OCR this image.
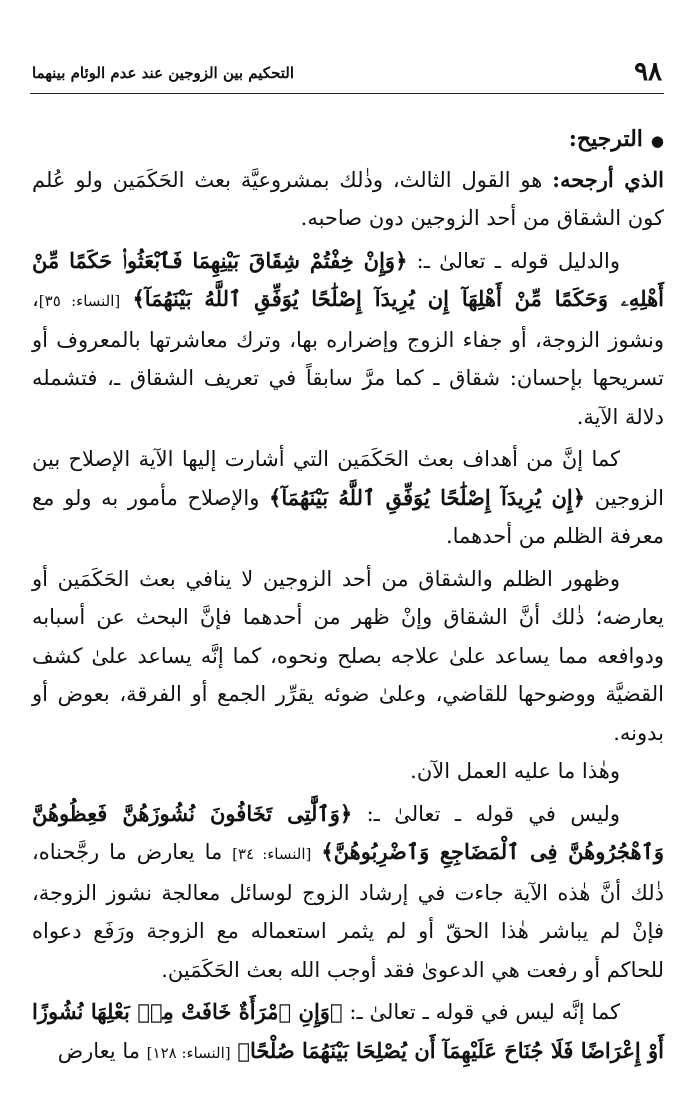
٩٨
التحكيم بين الزوجين عند عدم الوئام بينهما

●الترجيح:

الذي أرجحه: هو القول الثالث، وذٰلك بمشروعيَّة بعث الحَكَمَين ولو عُلم كون الشقاق من أحد الزوجين دون صاحبه.

والدليل قوله ـ تعالىٰ ـ: ﴿وَإِنْ خِفْتُمْ شِقَاقَ بَيْنِهِمَا فَٱبْعَثُوا۟ حَكَمًا مِّنْ أَهْلِهِۦ وَحَكَمًا مِّنْ أَهْلِهَآ إِن يُرِيدَآ إِصْلَٰحًا يُوَفِّقِ ٱللَّهُ بَيْنَهُمَآ﴾ [النساء: ٣٥]، ونشوز الزوجة، أو جفاء الزوج وإضراره بها، وترك معاشرتها بالمعروف أو تسريحها بإحسان: شقاق ـ كما مرَّ سابقاً في تعريف الشقاق ـ، فتشمله دلالة الآية.

كما إنَّ من أهداف بعث الحَكَمَين التي أشارت إليها الآية الإصلاح بين الزوجين ﴿إِن يُرِيدَآ إِصْلَٰحًا يُوَفِّقِ ٱللَّهُ بَيْنَهُمَآ﴾ والإصلاح مأمور به ولو مع معرفة الظلم من أحدهما.

وظهور الظلم والشقاق من أحد الزوجين لا ينافي بعث الحَكَمَين أو يعارضه؛ ذٰلك أنَّ الشقاق وإنْ ظهر من أحدهما فإنَّ البحث عن أسبابه ودوافعه مما يساعد علىٰ علاجه بصلح ونحوه، كما إنَّه يساعد علىٰ كشف القضيَّة ووضوحها للقاضي، وعلىٰ ضوئه يقرِّر الجمع أو الفرقة، بعوض أو بدونه.

وهٰذا ما عليه العمل الآن.

وليس في قوله ـ تعالىٰ ـ: ﴿وَٱلَّٰتِى تَخَافُونَ نُشُوزَهُنَّ فَعِظُوهُنَّ وَٱهْجُرُوهُنَّ فِى ٱلْمَضَاجِعِ وَٱضْرِبُوهُنَّ﴾ [النساء: ٣٤] ما يعارض ما رجَّحناه، ذٰلك أنَّ هٰذه الآية جاءت في إرشاد الزوج لوسائل معالجة نشوز الزوجة، فإنْ لم يباشر هٰذا الحقّ أو لم يثمر استعماله مع الزوجة ورَفَع دعواه للحاكم أو رفعت هي الدعوىٰ فقد أوجب الله بعث الحَكَمَين.

كما إنَّه ليس في قوله ـ تعالىٰ ـ: ﴿وَإِنِ ٱمْرَأَةٌ خَافَتْ مِنۢ بَعْلِهَا نُشُوزًا أَوْ إِعْرَاضًا فَلَا جُنَاحَ عَلَيْهِمَآ أَن يُصْلِحَا بَيْنَهُمَا صُلْحًا﴾ [النساء: ١٢٨] ما يعارض
